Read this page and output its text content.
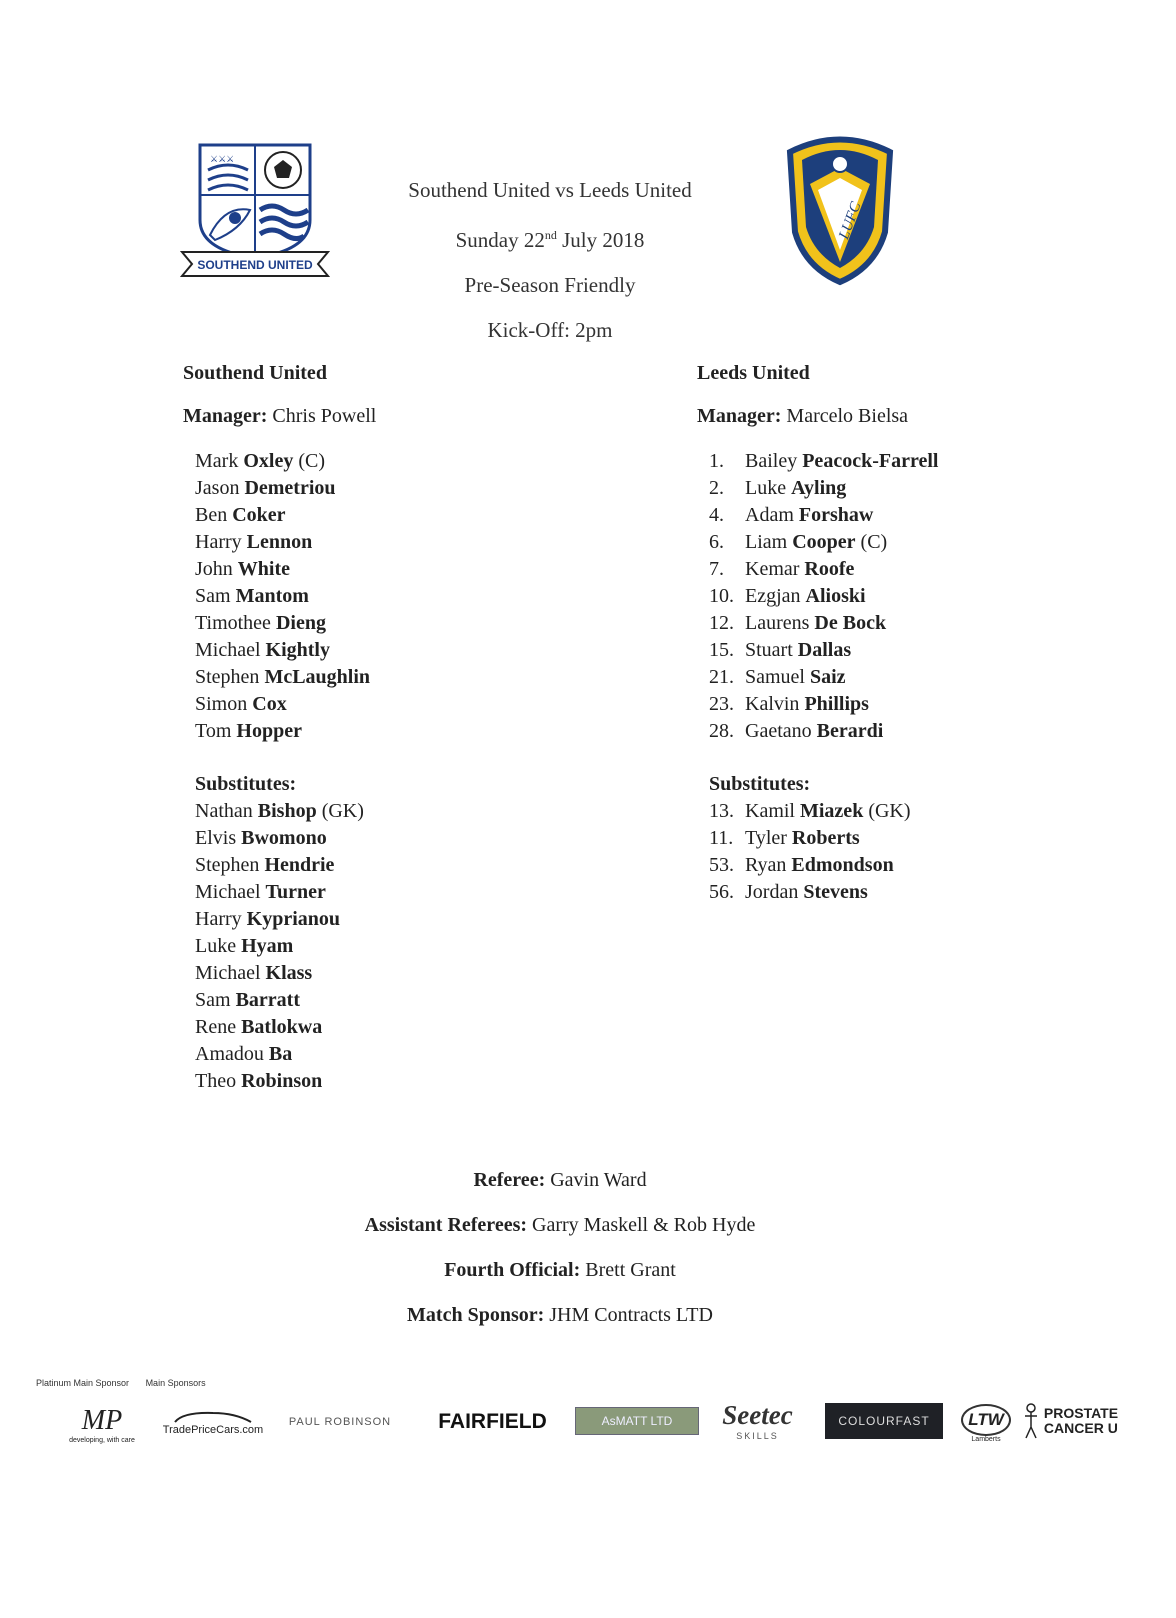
⚔⚔⚔
SOUTHEND UNITED
LUFC
Southend United vs Leeds United
Sunday 22nd July 2018
Pre-Season Friendly
Kick-Off: 2pm
Southend United
Manager: Chris Powell
Mark Oxley (C)
Jason Demetriou
Ben Coker
Harry Lennon
John White
Sam Mantom
Timothee Dieng
Michael Kightly
Stephen McLaughlin
Simon Cox
Tom Hopper
Substitutes:
Nathan Bishop (GK)
Elvis Bwomono
Stephen Hendrie
Michael Turner
Harry Kyprianou
Luke Hyam
Michael Klass
Sam Barratt
Rene Batlokwa
Amadou Ba
Theo Robinson
Leeds United
Manager: Marcelo Bielsa
1. Bailey Peacock-Farrell
2. Luke Ayling
4. Adam Forshaw
6. Liam Cooper (C)
7. Kemar Roofe
10. Ezgjan Alioski
12. Laurens De Bock
15. Stuart Dallas
21. Samuel Saiz
23. Kalvin Phillips
28. Gaetano Berardi
Substitutes:
13. Kamil Miazek (GK)
11. Tyler Roberts
53. Ryan Edmondson
56. Jordan Stevens
Referee: Gavin Ward
Assistant Referees: Garry Maskell & Rob Hyde
Fourth Official: Brett Grant
Match Sponsor: JHM Contracts LTD
Platinum Main Sponsor Main Sponsors
MP
developing, with care
TradePriceCars.com
PAUL ROBINSON FAIRFIELD	AsMATT LTD Seetec
SKILLS
COLOURFAST	LTW
Lamberts
PROSTATE
CANCER U
